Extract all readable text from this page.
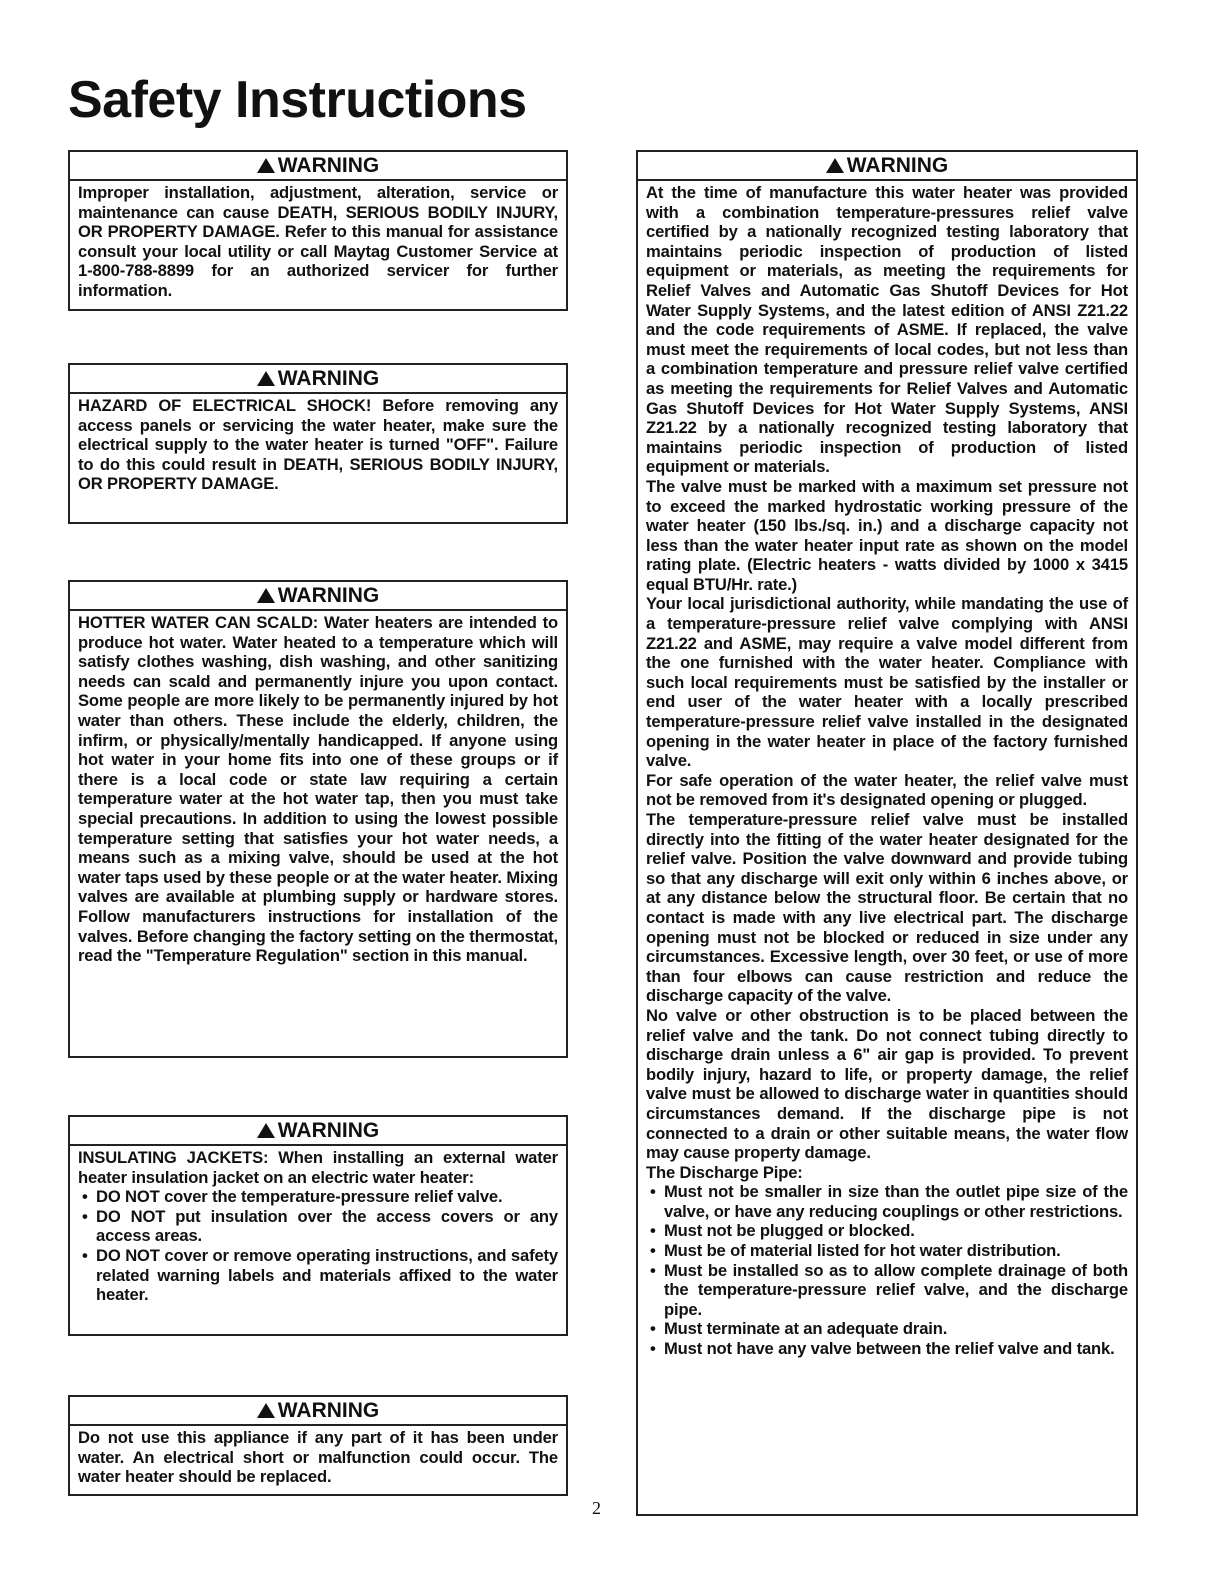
Safety Instructions
WARNING

Improper installation, adjustment, alteration, service or maintenance can cause DEATH, SERIOUS BODILY INJURY, OR PROPERTY DAMAGE. Refer to this manual for assistance consult your local utility or call Maytag Customer Service at 1-800-788-8899 for an authorized servicer for further information.

WARNING

HAZARD OF ELECTRICAL SHOCK! Before removing any access panels or servicing the water heater, make sure the electrical supply to the water heater is turned "OFF". Failure to do this could result in DEATH, SERIOUS BODILY INJURY, OR PROPERTY DAMAGE.

WARNING

HOTTER WATER CAN SCALD: Water heaters are intended to produce hot water. Water heated to a temperature which will satisfy clothes washing, dish washing, and other sanitizing needs can scald and permanently injure you upon contact. Some people are more likely to be permanently injured by hot water than others. These include the elderly, children, the infirm, or physically/mentally handicapped. If anyone using hot water in your home fits into one of these groups or if there is a local code or state law requiring a certain temperature water at the hot water tap, then you must take special precautions. In addition to using the lowest possible temperature setting that satisfies your hot water needs, a means such as a mixing valve, should be used at the hot water taps used by these people or at the water heater. Mixing valves are available at plumbing supply or hardware stores. Follow manufacturers instructions for installation of the valves. Before changing the factory setting on the thermostat, read the "Temperature Regulation" section in this manual.

WARNING

INSULATING JACKETS: When installing an external water heater insulation jacket on an electric water heater:

• DO NOT cover the temperature-pressure relief valve.
• DO NOT put insulation over the access covers or any access areas.
• DO NOT cover or remove operating instructions, and safety related warning labels and materials affixed to the water heater.
WARNING

Do not use this appliance if any part of it has been under water. An electrical short or malfunction could occur. The water heater should be replaced.

WARNING

At the time of manufacture this water heater was provided with a combination temperature-pressures relief valve certified by a nationally recognized testing laboratory that maintains periodic inspection of production of listed equipment or materials, as meeting the requirements for Relief Valves and Automatic Gas Shutoff Devices for Hot Water Supply Systems, and the latest edition of ANSI Z21.22 and the code requirements of ASME. If replaced, the valve must meet the requirements of local codes, but not less than a combination temperature and pressure relief valve certified as meeting the requirements for Relief Valves and Automatic Gas Shutoff Devices for Hot Water Supply Systems, ANSI Z21.22 by a nationally recognized testing laboratory that maintains periodic inspection of production of listed equipment or materials.

The valve must be marked with a maximum set pressure not to exceed the marked hydrostatic working pressure of the water heater (150 lbs./sq. in.) and a discharge capacity not less than the water heater input rate as shown on the model rating plate. (Electric heaters - watts divided by 1000 x 3415 equal BTU/Hr. rate.)

Your local jurisdictional authority, while mandating the use of a temperature-pressure relief valve complying with ANSI Z21.22 and ASME, may require a valve model different from the one furnished with the water heater. Compliance with such local requirements must be satisfied by the installer or end user of the water heater with a locally prescribed temperature-pressure relief valve installed in the designated opening in the water heater in place of the factory furnished valve.

For safe operation of the water heater, the relief valve must not be removed from it's designated opening or plugged.

The temperature-pressure relief valve must be installed directly into the fitting of the water heater designated for the relief valve. Position the valve downward and provide tubing so that any discharge will exit only within 6 inches above, or at any distance below the structural floor. Be certain that no contact is made with any live electrical part. The discharge opening must not be blocked or reduced in size under any circumstances. Excessive length, over 30 feet, or use of more than four elbows can cause restriction and reduce the discharge capacity of the valve.

No valve or other obstruction is to be placed between the relief valve and the tank. Do not connect tubing directly to discharge drain unless a 6" air gap is provided. To prevent bodily injury, hazard to life, or property damage, the relief valve must be allowed to discharge water in quantities should circumstances demand. If the discharge pipe is not connected to a drain or other suitable means, the water flow may cause property damage.

The Discharge Pipe:

• Must not be smaller in size than the outlet pipe size of the valve, or have any reducing couplings or other restrictions.
• Must not be plugged or blocked.
• Must be of material listed for hot water distribution.
• Must be installed so as to allow complete drainage of both the temperature-pressure relief valve, and the discharge pipe.
• Must terminate at an adequate drain.
• Must not have any valve between the relief valve and tank.
2
